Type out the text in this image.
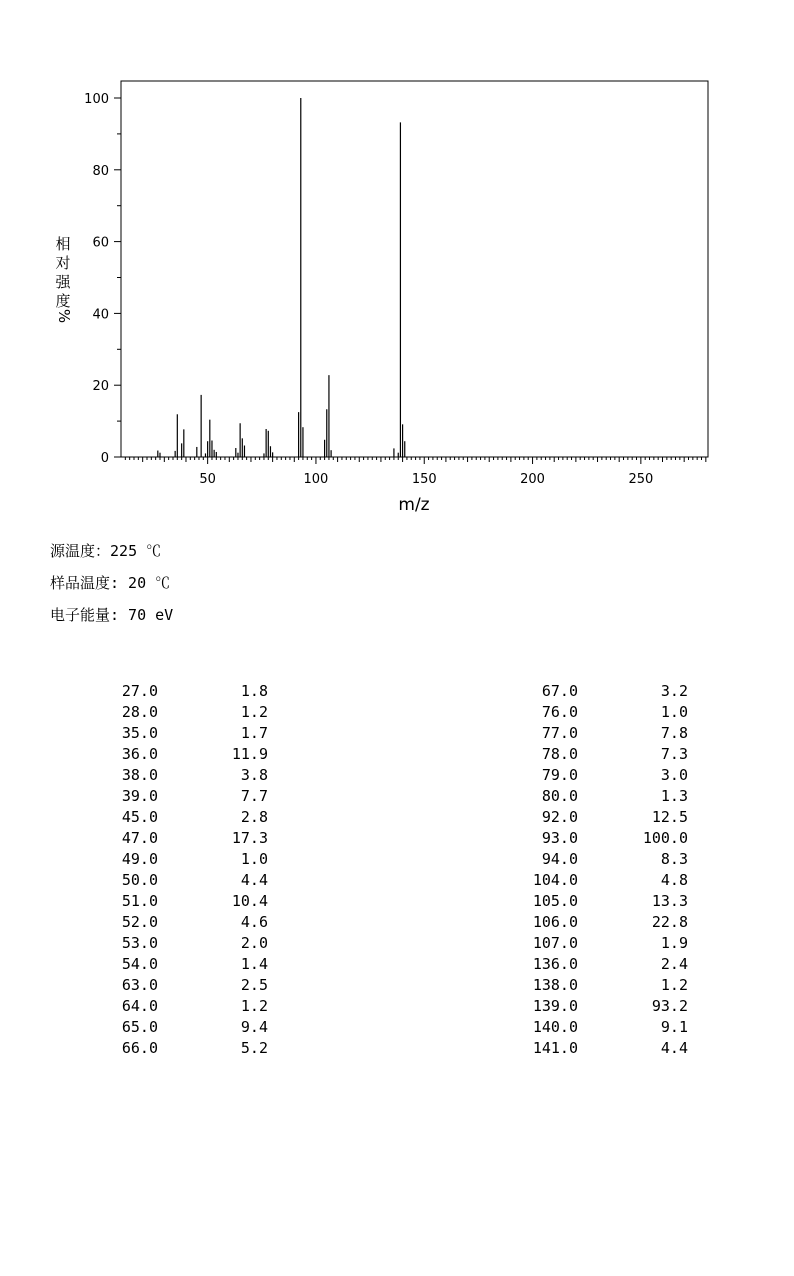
0
20
40
60
80
100
50	100	150	200	250
相
对
强
度
%
m/z
源温度：225 ℃
样品温度: 20 ℃
电子能量: 70 eV
27.0	1.8	67.0	3.2
28.0	1.2	76.0	1.0
35.0	1.7	77.0	7.8
36.0	11.9	78.0	7.3
38.0	3.8	79.0	3.0
39.0	7.7	80.0	1.3
45.0	2.8	92.0	12.5
47.0	17.3	93.0	100.0
49.0	1.0	94.0	8.3
50.0	4.4	104.0	4.8
51.0	10.4	105.0	13.3
52.0	4.6	106.0	22.8
53.0	2.0	107.0	1.9
54.0	1.4	136.0	2.4
63.0	2.5	138.0	1.2
64.0	1.2	139.0	93.2
65.0	9.4	140.0	9.1
66.0	5.2	141.0	4.4
